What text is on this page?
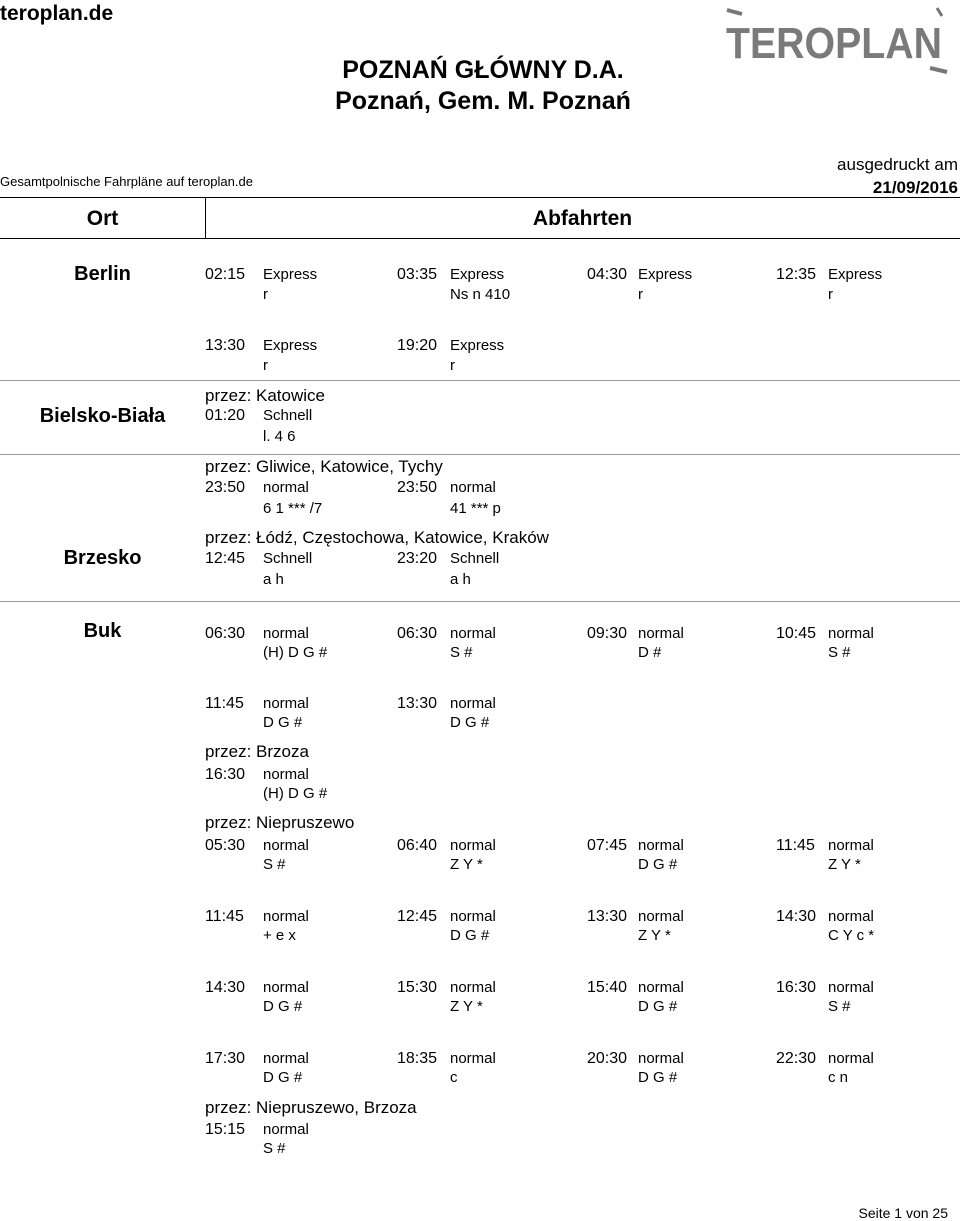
teroplan.de
POZNAŃ GŁÓWNY D.A.
Poznań, Gem. M. Poznań
TEROPLAN
Gesamtpolnische Fahrpläne auf teroplan.de
ausgedruckt am
21/09/2016
Ort	Abfahrten
Berlin
Bielsko-Biała
Brzesko
Buk
02:15 Express
r
03:35 Express
Ns n 410
04:30 Express
r
12:35 Express
r
13:30 Express
r
19:20 Express
r
przez: Katowice
01:20 Schnell
l. 4 6
przez: Gliwice, Katowice, Tychy
23:50 normal
6 1 *** /7
23:50 normal
41 *** p
przez: Łódź, Częstochowa, Katowice, Kraków
12:45 Schnell
a h
23:20 Schnell
a h
06:30 normal
(H) D G #
06:30 normal
S #
09:30 normal
D #
10:45 normal
S #
11:45 normal
D G #
13:30 normal
D G #
przez: Brzoza
16:30 normal
(H) D G #
przez: Niepruszewo
05:30 normal
S #
06:40 normal
Z Y *
07:45 normal
D G #
11:45 normal
Z Y *
11:45 normal
+ e x
12:45 normal
D G #
13:30 normal
Z Y *
14:30 normal
C Y c *
14:30 normal
D G #
15:30 normal
Z Y *
15:40 normal
D G #
16:30 normal
S #
17:30 normal
D G #
18:35 normal
c
20:30 normal
D G #
22:30 normal
c n
przez: Niepruszewo, Brzoza
15:15 normal
S #
Seite 1 von 25
